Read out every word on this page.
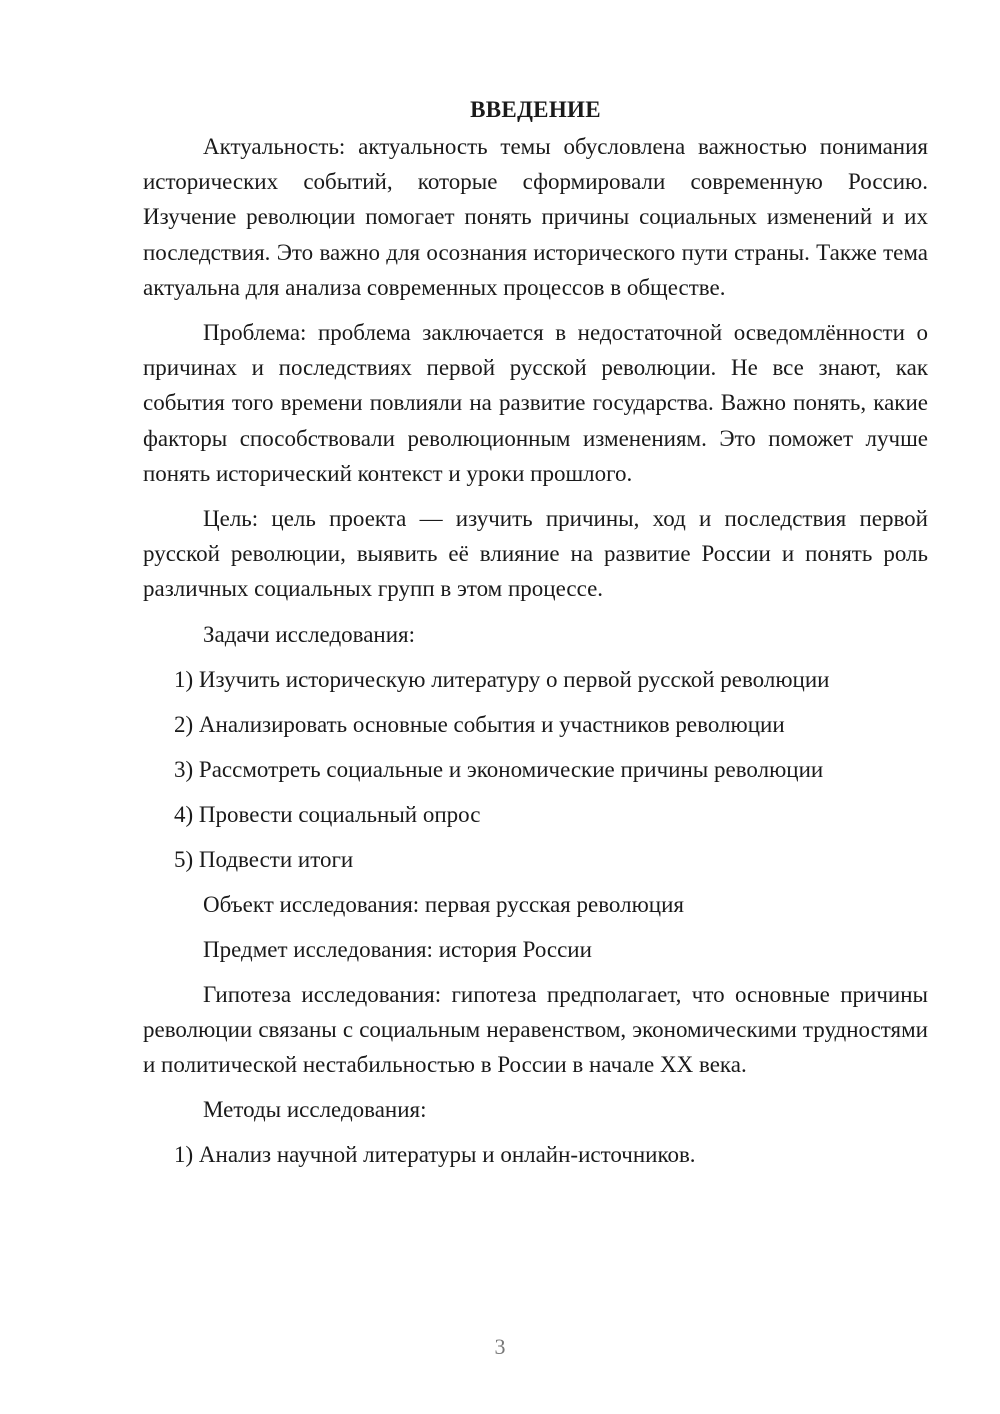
ВВЕДЕНИЕ

Актуальность: актуальность темы обусловлена важностью понимания исторических событий, которые сформировали современную Россию. Изучение революции помогает понять причины социальных изменений и их последствия. Это важно для осознания исторического пути страны. Также тема актуальна для анализа современных процессов в обществе.

Проблема: проблема заключается в недостаточной осведомлённости о причинах и последствиях первой русской революции. Не все знают, как события того времени повлияли на развитие государства. Важно понять, какие факторы способствовали революционным изменениям. Это поможет лучше понять исторический контекст и уроки прошлого.

Цель: цель проекта — изучить причины, ход и последствия первой русской революции, выявить её влияние на развитие России и понять роль различных социальных групп в этом процессе.

Задачи исследования:
1) Изучить историческую литературу о первой русской революции
2) Анализировать основные события и участников революции
3) Рассмотреть социальные и экономические причины революции
4) Провести социальный опрос
5) Подвести итоги
Объект исследования: первая русская революция
Предмет исследования: история России

Гипотеза исследования: гипотеза предполагает, что основные причины революции связаны с социальным неравенством, экономическими трудностями и политической нестабильностью в России в начале XX века.

Методы исследования:
1) Анализ научной литературы и онлайн-источников.
3
